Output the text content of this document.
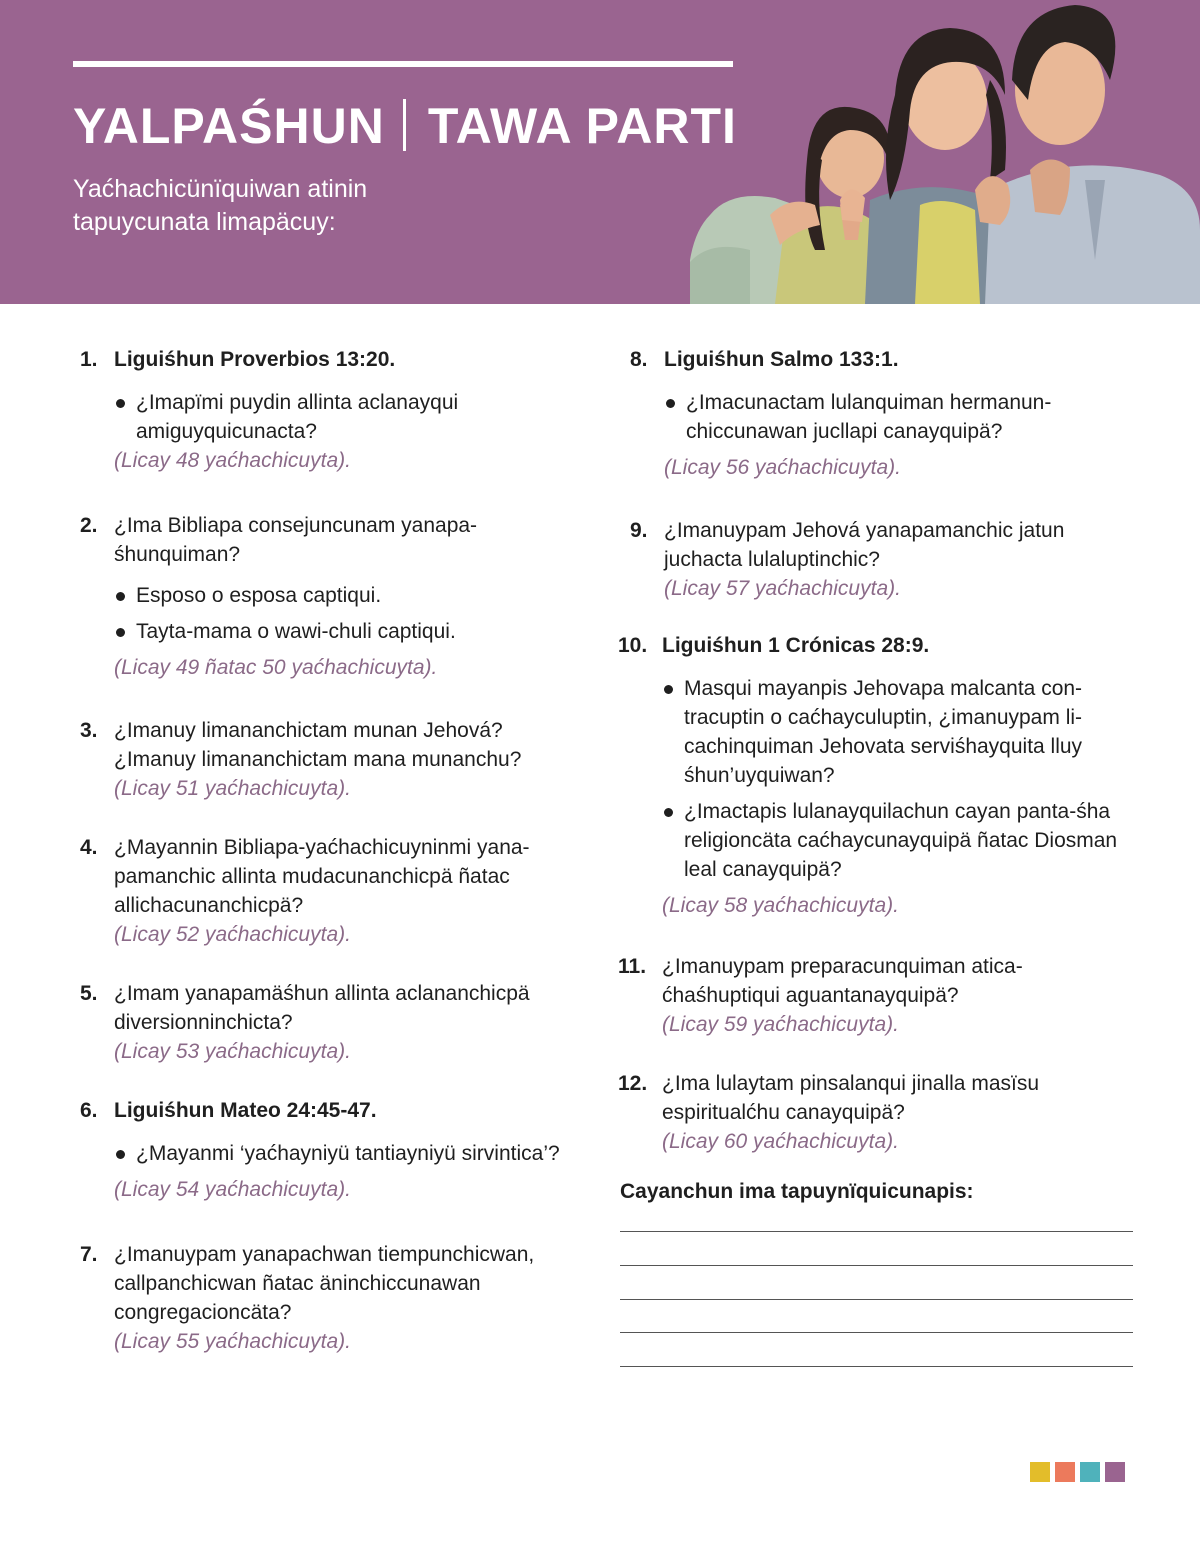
YALPAŚHUN TAWA PARTI
Yaćhachicünïquiwan atinin tapuycunata limapäcuy:
1. Liguiśhun Proverbios 13:20.
¿Imapïmi puydin allinta aclanayqui amiguyquicunacta?
(Licay 48 yaćhachicuyta).
2. ¿Ima Bibliapa consejuncunam yanapa-śhunquiman?
Esposo o esposa captiqui.
Tayta-mama o wawi-chuli captiqui.
(Licay 49 ñatac 50 yaćhachicuyta).
3. ¿Imanuy limananchictam munan Jehová? ¿Imanuy limananchictam mana munanchu?
(Licay 51 yaćhachicuyta).
4. ¿Mayannin Bibliapa-yaćhachicuyninmi yana-pamanchic allinta mudacunanchicpä ñatac allichacunanchicpä?
(Licay 52 yaćhachicuyta).
5. ¿Imam yanapamäśhun allinta aclananchicpä diversionninchicta?
(Licay 53 yaćhachicuyta).
6. Liguiśhun Mateo 24:45-47.
¿Mayanmi ‘yaćhayniyü tantiayniyü sirvintica’?
(Licay 54 yaćhachicuyta).
7. ¿Imanuypam yanapachwan tiempunchicwan, callpanchicwan ñatac äninchiccunawan congregacioncäta?
(Licay 55 yaćhachicuyta).
8. Liguiśhun Salmo 133:1.
¿Imacunactam lulanquiman hermanun-chiccunawan jucllapi canayquipä?
(Licay 56 yaćhachicuyta).
9. ¿Imanuypam Jehová yanapamanchic jatun juchacta lulaluptinchic?
(Licay 57 yaćhachicuyta).
10. Liguiśhun 1 Crónicas 28:9.
Masqui mayanpis Jehovapa malcanta con-tracuptin o caćhayculuptin, ¿imanuypam li-cachinquiman Jehovata serviśhayquita lluy śhun’uyquiwan?
¿Imactapis lulanayquilachun cayan panta-śha religioncäta caćhaycunayquipä ñatac Diosman leal canayquipä?
(Licay 58 yaćhachicuyta).
11. ¿Imanuypam preparacunquiman atica-ćhaśhuptiqui aguantanayquipä?
(Licay 59 yaćhachicuyta).
12. ¿Ima lulaytam pinsalanqui jinalla masïsu espiritualćhu canayquipä?
(Licay 60 yaćhachicuyta).
Cayanchun ima tapuynïquicunapis:
